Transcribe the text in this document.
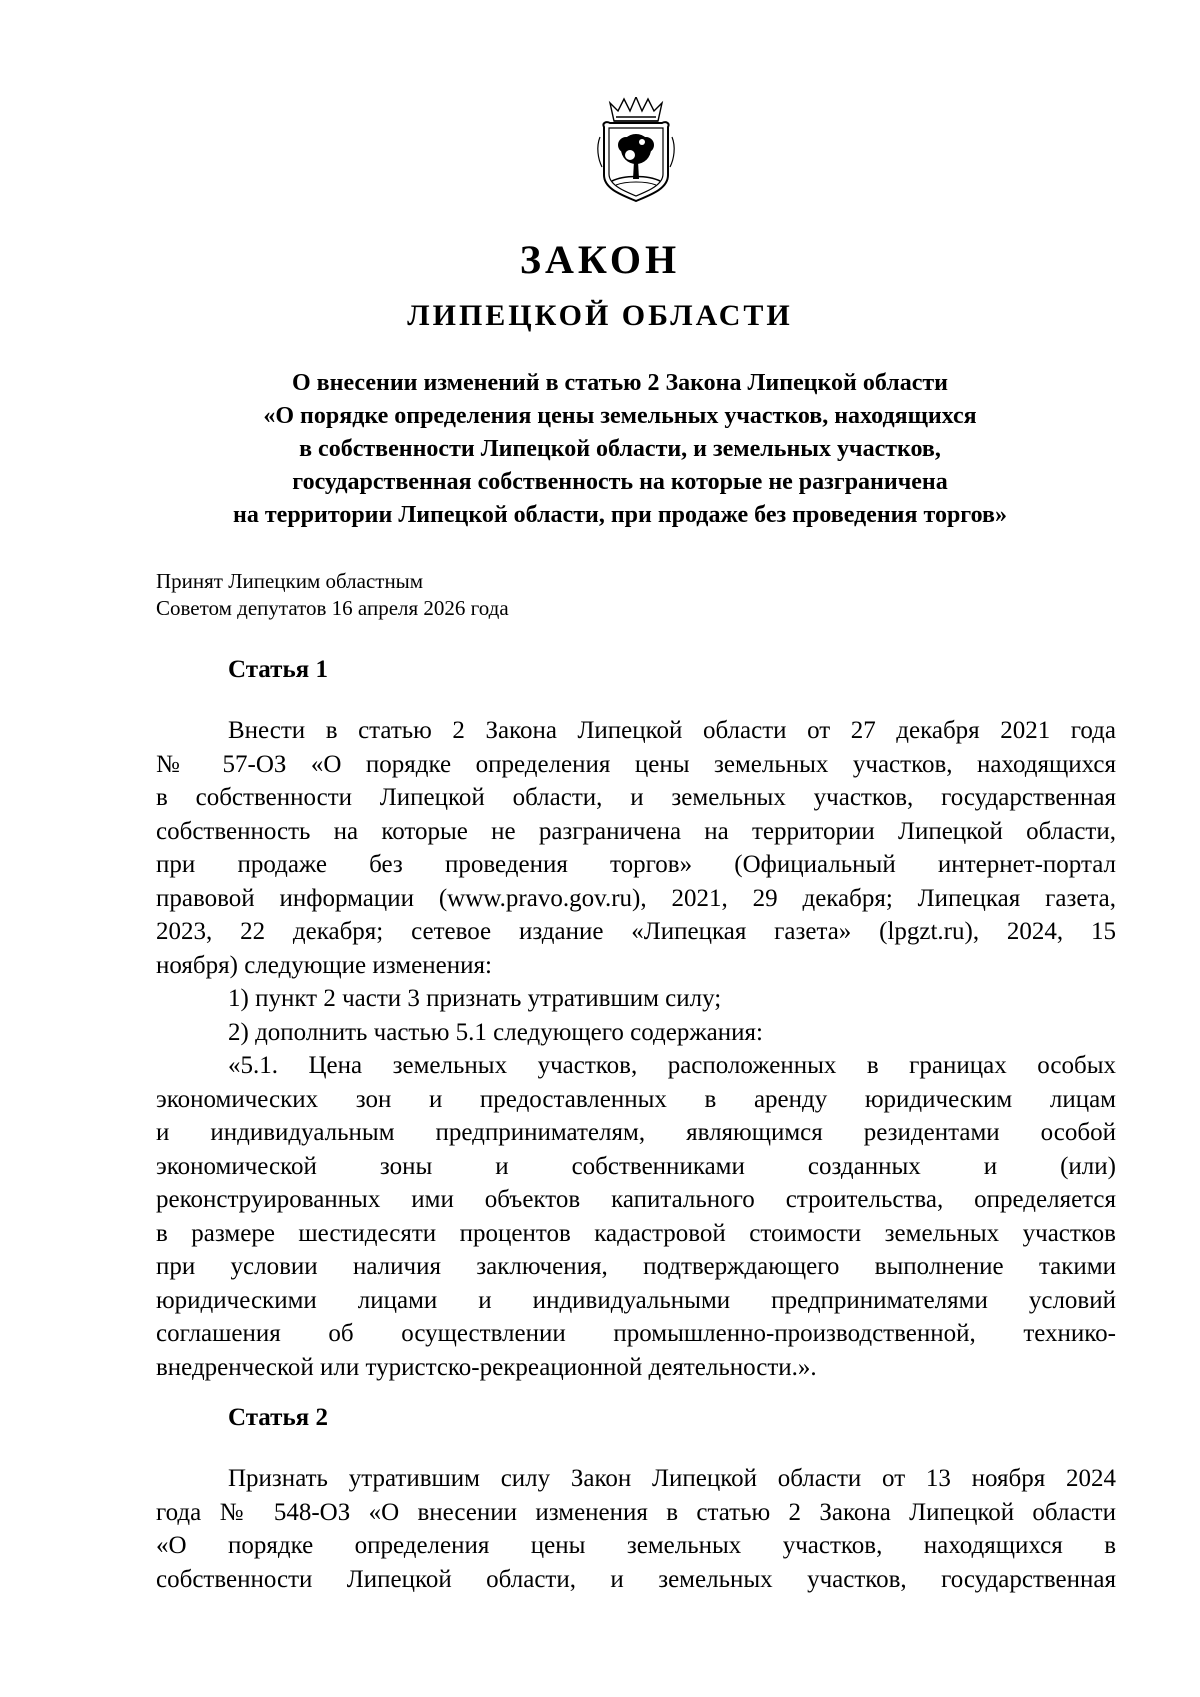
ЗАКОН
ЛИПЕЦКОЙ ОБЛАСТИ
О внесении изменений в статью 2 Закона Липецкой области
«О порядке определения цены земельных участков, находящихся
в собственности Липецкой области, и земельных участков,
государственная собственность на которые не разграничена
на территории Липецкой области, при продаже без проведения торгов»
Принят Липецким областным
Советом депутатов 16 апреля 2026 года
Статья 1
Внести в статью 2 Закона Липецкой области от 27 декабря 2021 года
№ 57-ОЗ «О порядке определения цены земельных участков, находящихся
в собственности Липецкой области, и земельных участков, государственная
собственность на которые не разграничена на территории Липецкой области,
при продаже без проведения торгов» (Официальный интернет-портал
правовой информации (www.pravo.gov.ru), 2021, 29 декабря; Липецкая газета,
2023, 22 декабря; сетевое издание «Липецкая газета» (lpgzt.ru), 2024, 15
ноября) следующие изменения:
1) пункт 2 части 3 признать утратившим силу;
2) дополнить частью 5.1 следующего содержания:
«5.1. Цена земельных участков, расположенных в границах особых
экономических зон и предоставленных в аренду юридическим лицам
и индивидуальным предпринимателям, являющимся резидентами особой
экономической зоны и собственниками созданных и (или)
реконструированных ими объектов капитального строительства, определяется
в размере шестидесяти процентов кадастровой стоимости земельных участков
при условии наличия заключения, подтверждающего выполнение такими
юридическими лицами и индивидуальными предпринимателями условий
соглашения об осуществлении промышленно-производственной, технико-
внедренческой или туристско-рекреационной деятельности.».
Статья 2
Признать утратившим силу Закон Липецкой области от 13 ноября 2024
года № 548-ОЗ «О внесении изменения в статью 2 Закона Липецкой области
«О порядке определения цены земельных участков, находящихся в
собственности Липецкой области, и земельных участков, государственная
